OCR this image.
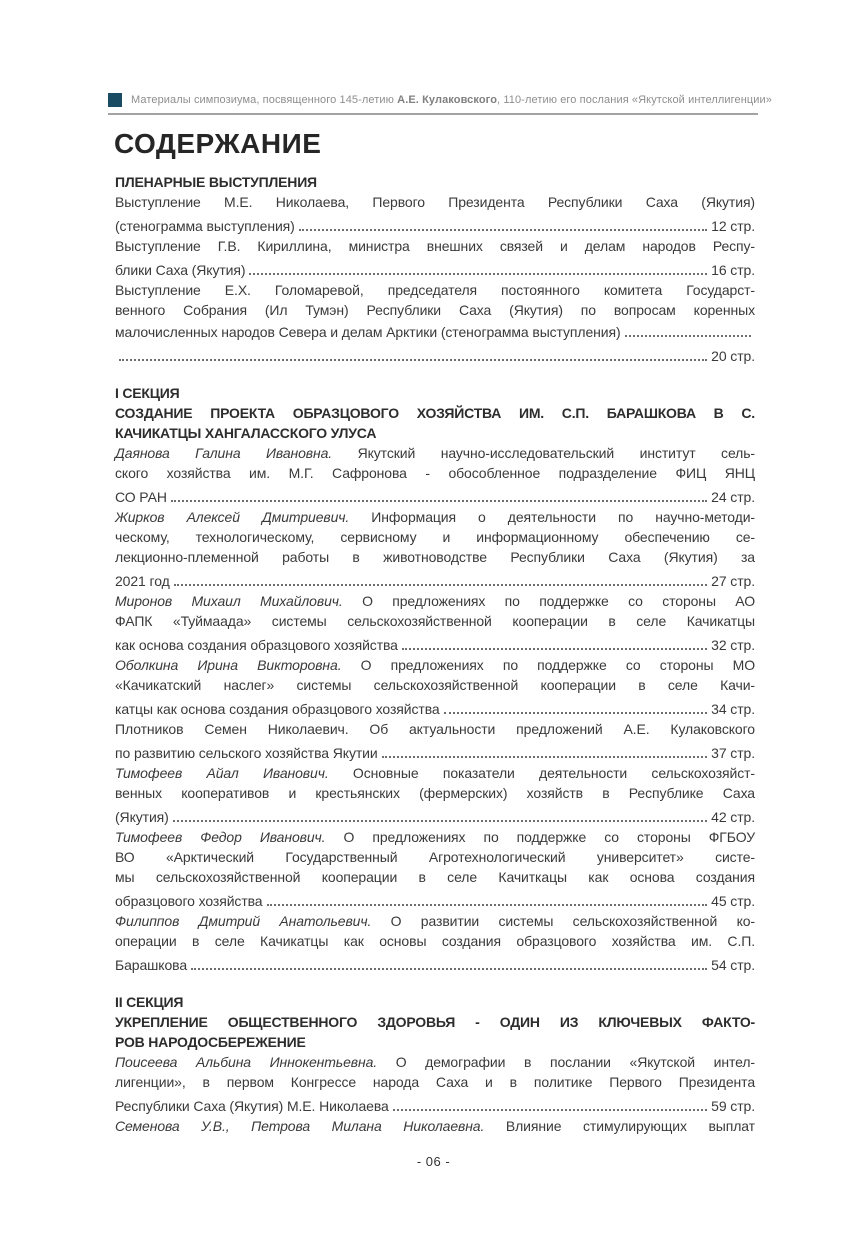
Материалы симпозиума, посвященного 145-летию А.Е. Кулаковского, 110-летию его послания «Якутской интеллигенции»
СОДЕРЖАНИЕ
ПЛЕНАРНЫЕ ВЫСТУПЛЕНИЯ
Выступление М.Е. Николаева, Первого Президента Республики Саха (Якутия)
(стенограмма выступления)	12 стр.
Выступление Г.В. Кириллина, министра внешних связей и делам народов Респу-
блики Саха (Якутия)	16 стр.
Выступление Е.Х. Голомаревой, председателя постоянного комитета Государст-
венного Собрания (Ил Тумэн) Республики Саха (Якутия) по вопросам коренных
малочисленных народов Севера и делам Арктики (стенограмма выступления)
20 стр.
I СЕКЦИЯ
СОЗДАНИЕ ПРОЕКТА ОБРАЗЦОВОГО ХОЗЯЙСТВА ИМ. С.П. БАРАШКОВА В С.
КАЧИКАТЦЫ ХАНГАЛАССКОГО УЛУСА
Даянова Галина Ивановна. Якутский научно-исследовательский институт сель-
ского хозяйства им. М.Г. Сафронова - обособленное подразделение ФИЦ ЯНЦ
СО РАН	24 стр.
Жирков Алексей Дмитриевич. Информация о деятельности по научно-методи-
ческому, технологическому, сервисному и информационному обеспечению се-
лекционно-племенной работы в животноводстве Республики Саха (Якутия) за
2021 год	27 стр.
Миронов Михаил Михайлович. О предложениях по поддержке со стороны АО
ФАПК «Туймаада» системы сельскохозяйственной кооперации в селе Качикатцы
как основа создания образцового хозяйства	32 стр.
Оболкина Ирина Викторовна. О предложениях по поддержке со стороны МО
«Качикатский наслег» системы сельскохозяйственной кооперации в селе Качи-
катцы как основа создания образцового хозяйства	34 стр.
Плотников Семен Николаевич. Об актуальности предложений А.Е. Кулаковского
по развитию сельского хозяйства Якутии	37 стр.
Тимофеев Айал Иванович. Основные показатели деятельности сельскохозяйст-
венных кооперативов и крестьянских (фермерских) хозяйств в Республике Саха
(Якутия)	42 стр.
Тимофеев Федор Иванович. О предложениях по поддержке со стороны ФГБОУ
ВО «Арктический Государственный Агротехнологический университет» систе-
мы сельскохозяйственной кооперации в селе Качиткацы как основа создания
образцового хозяйства	45 стр.
Филиппов Дмитрий Анатольевич. О развитии системы сельскохозяйственной ко-
операции в селе Качикатцы как основы создания образцового хозяйства им. С.П.
Барашкова	54 стр.
II СЕКЦИЯ
УКРЕПЛЕНИЕ ОБЩЕСТВЕННОГО ЗДОРОВЬЯ - ОДИН ИЗ КЛЮЧЕВЫХ ФАКТО-
РОВ НАРОДОСБЕРЕЖЕНИЕ
Поисеева Альбина Иннокентьевна. О демографии в послании «Якутской интел-
лигенции», в первом Конгрессе народа Саха и в политике Первого Президента
Республики Саха (Якутия) М.Е. Николаева	59 стр.
Семенова У.В., Петрова Милана Николаевна. Влияние стимулирующих выплат
- 06 -
